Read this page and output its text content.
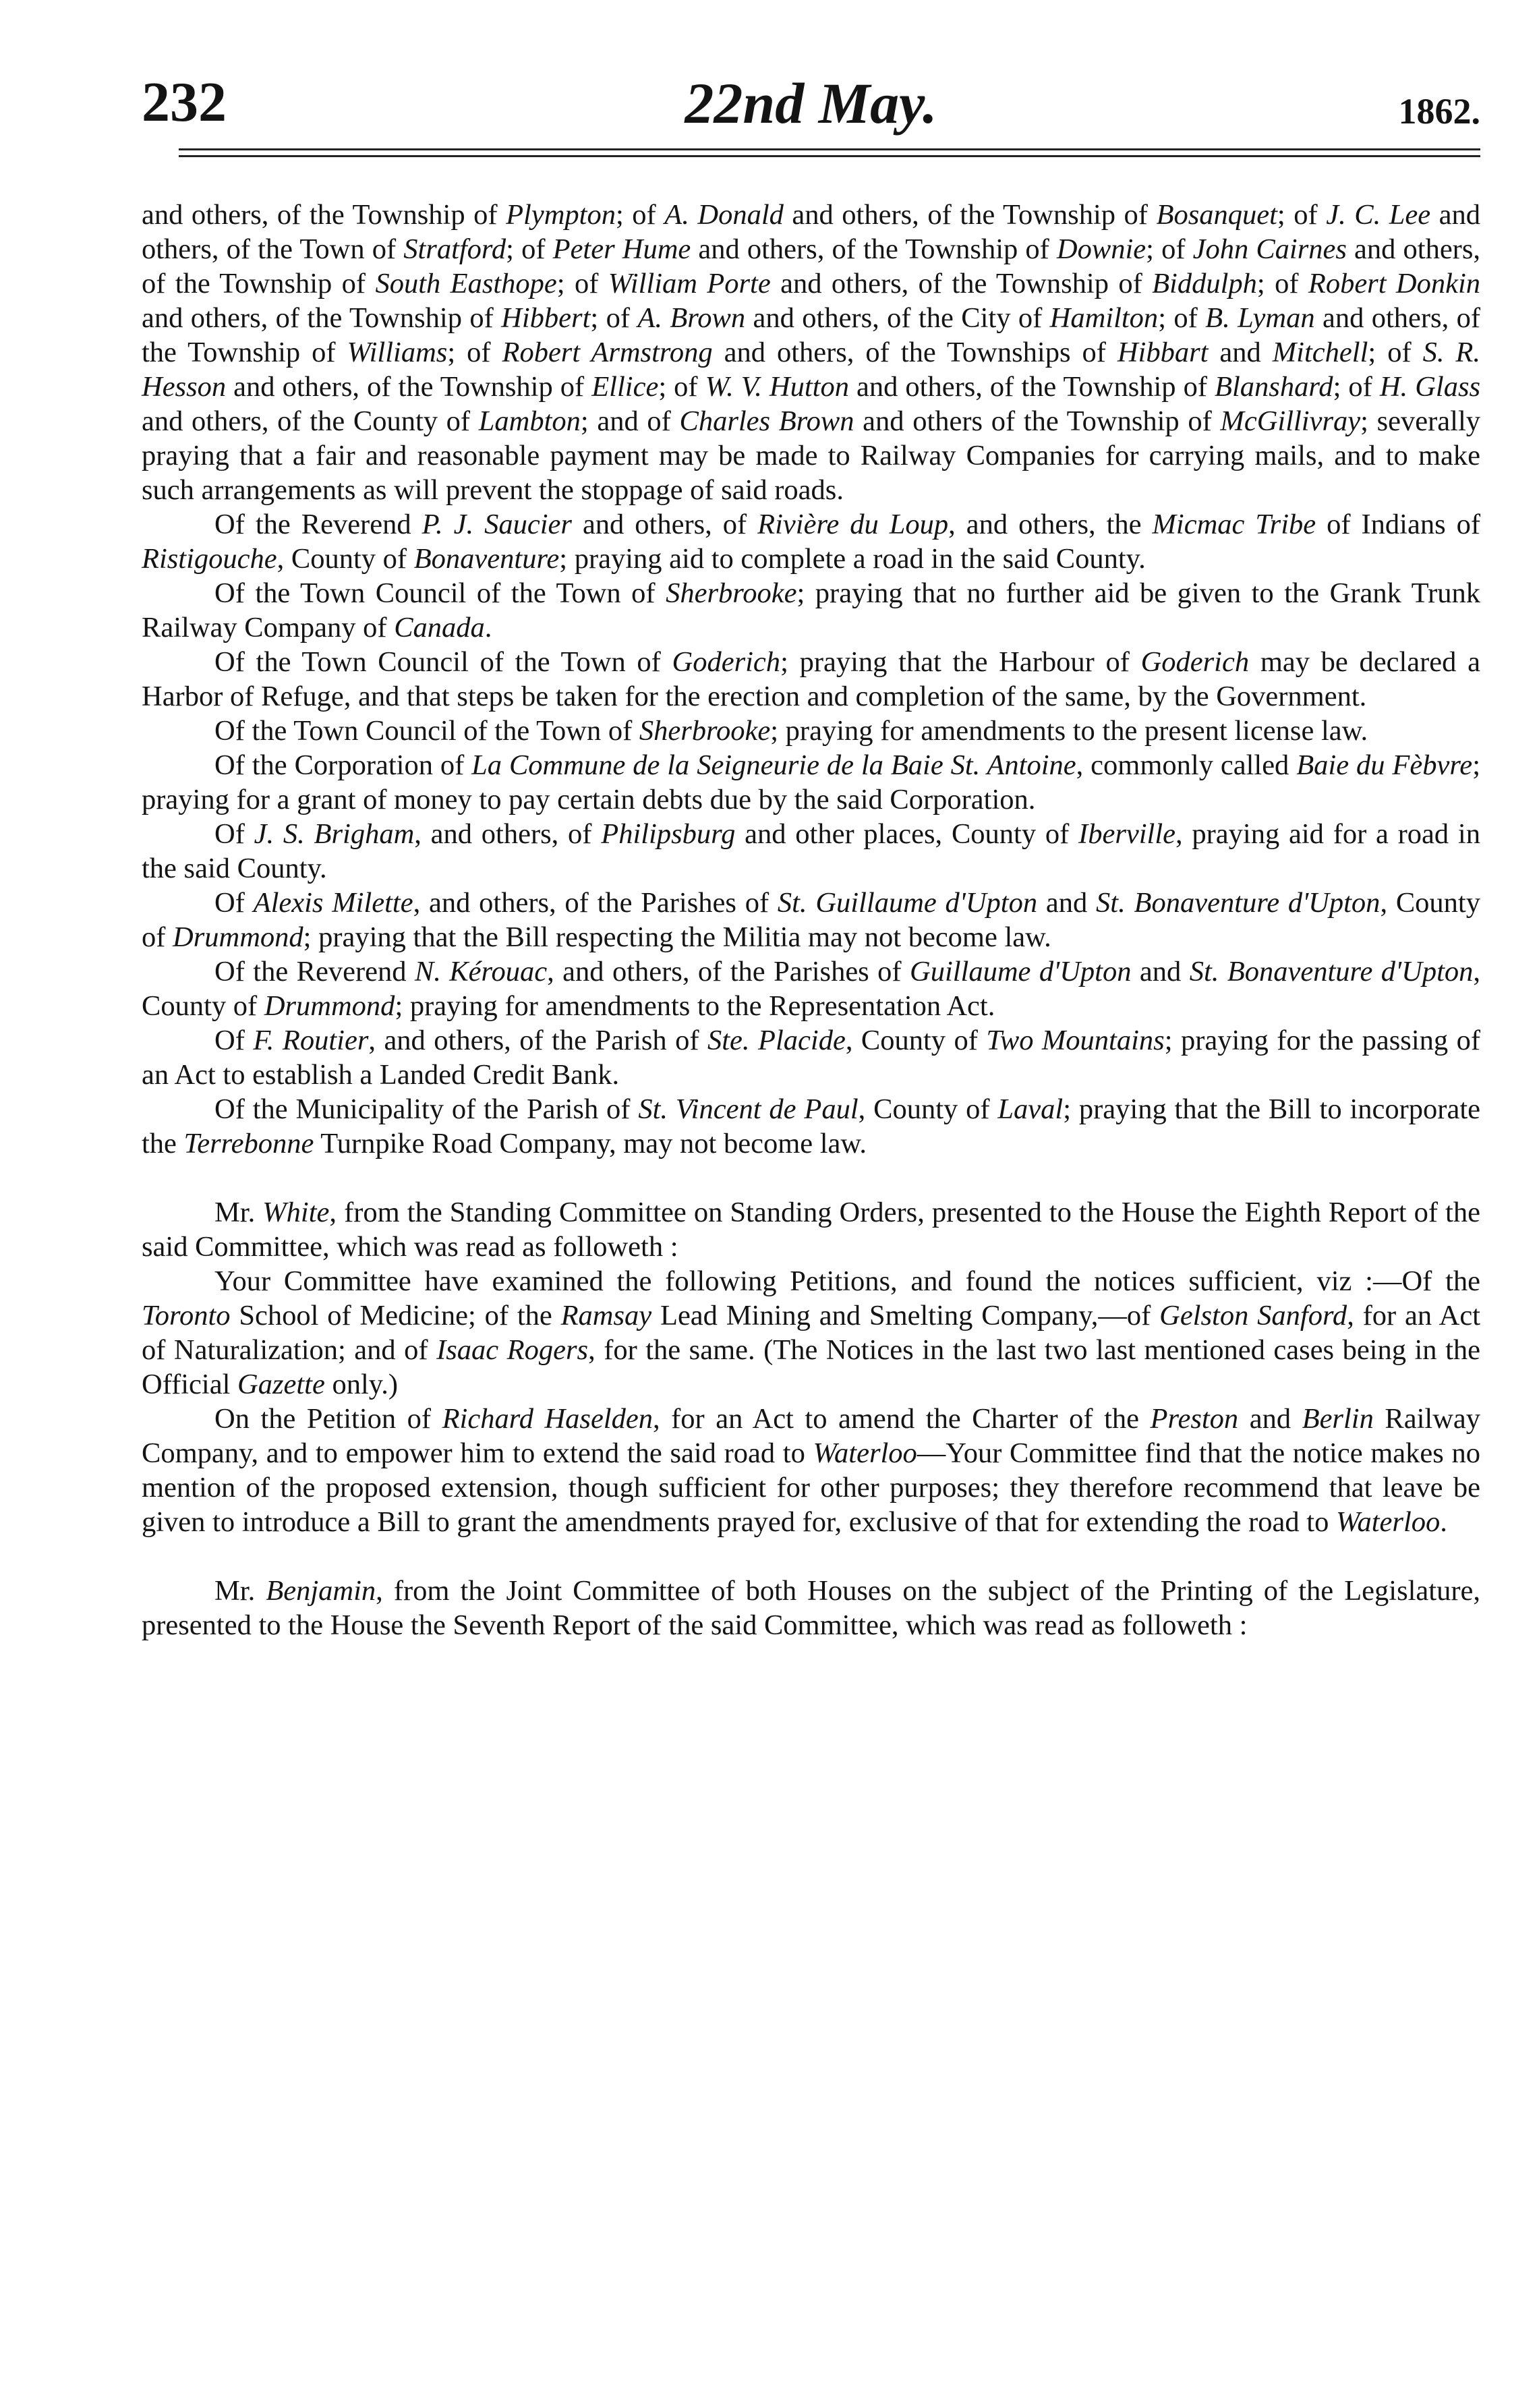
232	22nd May.	1862.

and others, of the Township of Plympton; of A. Donald and others, of the Township of Bosanquet; of J. C. Lee and others, of the Town of Stratford; of Peter Hume and others, of the Township of Downie; of John Cairnes and others, of the Township of South Easthope; of William Porte and others, of the Township of Biddulph; of Robert Donkin and others, of the Township of Hibbert; of A. Brown and others, of the City of Hamilton; of B. Lyman and others, of the Township of Williams; of Robert Armstrong and others, of the Townships of Hibbart and Mitchell; of S. R. Hesson and others, of the Township of Ellice; of W. V. Hutton and others, of the Township of Blanshard; of H. Glass and others, of the County of Lambton; and of Charles Brown and others of the Township of McGillivray; severally praying that a fair and reasonable payment may be made to Railway Companies for carrying mails, and to make such arrangements as will prevent the stoppage of said roads.

Of the Reverend P. J. Saucier and others, of Rivière du Loup, and others, the Micmac Tribe of Indians of Ristigouche, County of Bonaventure; praying aid to complete a road in the said County.

Of the Town Council of the Town of Sherbrooke; praying that no further aid be given to the Grank Trunk Railway Company of Canada.

Of the Town Council of the Town of Goderich; praying that the Harbour of Goderich may be declared a Harbor of Refuge, and that steps be taken for the erection and completion of the same, by the Government.

Of the Town Council of the Town of Sherbrooke; praying for amendments to the present license law.

Of the Corporation of La Commune de la Seigneurie de la Baie St. Antoine, commonly called Baie du Fèbvre; praying for a grant of money to pay certain debts due by the said Corporation.

Of J. S. Brigham, and others, of Philipsburg and other places, County of Iberville, praying aid for a road in the said County.

Of Alexis Milette, and others, of the Parishes of St. Guillaume d'Upton and St. Bonaventure d'Upton, County of Drummond; praying that the Bill respecting the Militia may not become law.

Of the Reverend N. Kérouac, and others, of the Parishes of Guillaume d'Upton and St. Bonaventure d'Upton, County of Drummond; praying for amendments to the Representation Act.

Of F. Routier, and others, of the Parish of Ste. Placide, County of Two Mountains; praying for the passing of an Act to establish a Landed Credit Bank.

Of the Municipality of the Parish of St. Vincent de Paul, County of Laval; praying that the Bill to incorporate the Terrebonne Turnpike Road Company, may not become law.

Mr. White, from the Standing Committee on Standing Orders, presented to the House the Eighth Report of the said Committee, which was read as followeth :

Your Committee have examined the following Petitions, and found the notices sufficient, viz :—Of the Toronto School of Medicine; of the Ramsay Lead Mining and Smelting Company,—of Gelston Sanford, for an Act of Naturalization; and of Isaac Rogers, for the same. (The Notices in the last two last mentioned cases being in the Official Gazette only.)

On the Petition of Richard Haselden, for an Act to amend the Charter of the Preston and Berlin Railway Company, and to empower him to extend the said road to Waterloo—Your Committee find that the notice makes no mention of the proposed extension, though sufficient for other purposes; they therefore recommend that leave be given to introduce a Bill to grant the amendments prayed for, exclusive of that for extending the road to Waterloo.

Mr. Benjamin, from the Joint Committee of both Houses on the subject of the Printing of the Legislature, presented to the House the Seventh Report of the said Committee, which was read as followeth :
